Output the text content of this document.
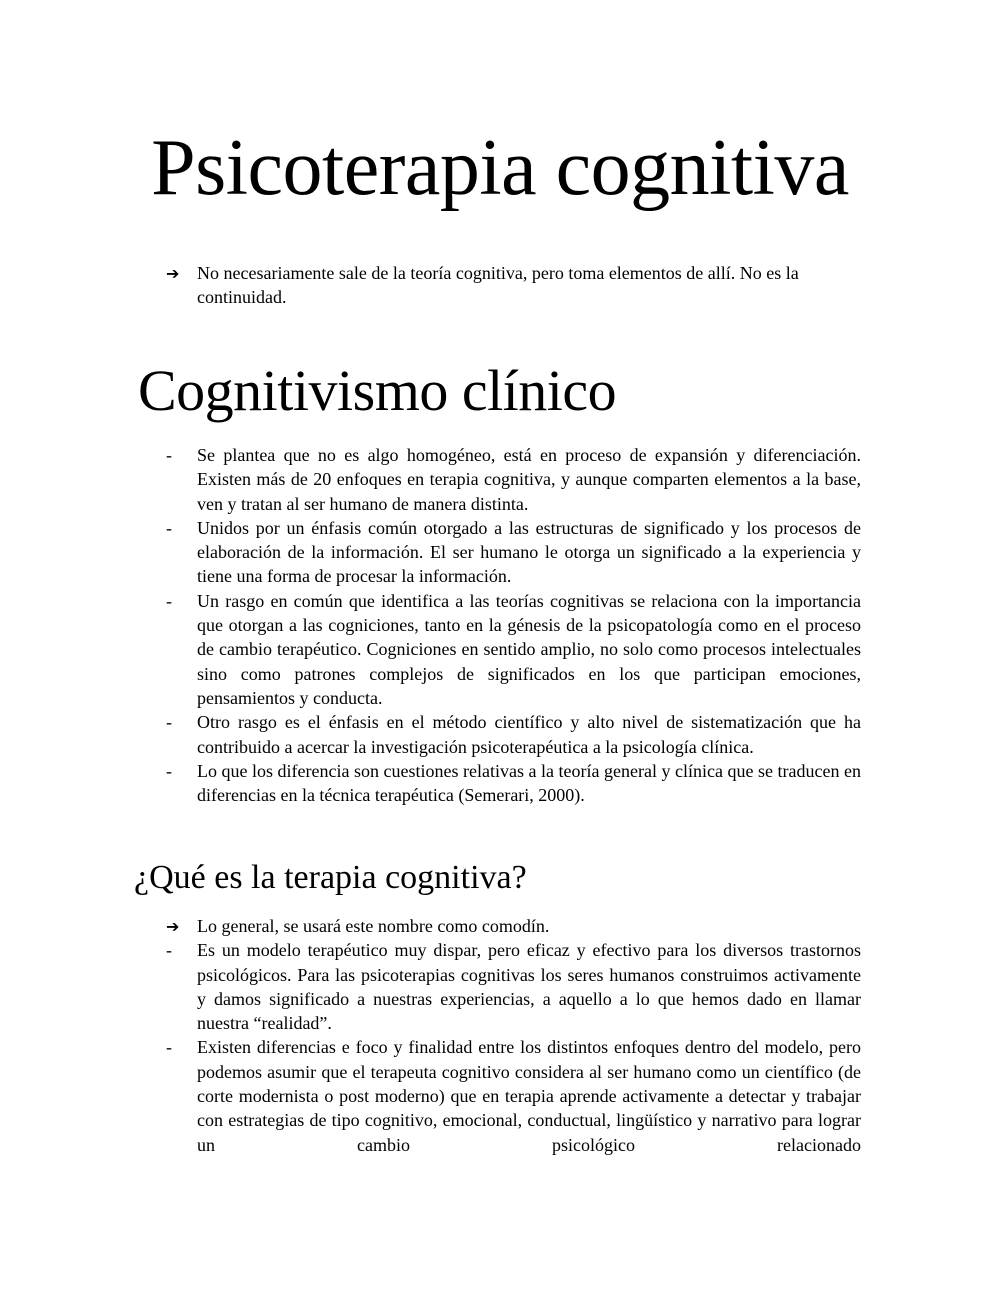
Psicoterapia cognitiva
➔ No necesariamente sale de la teoría cognitiva, pero toma elementos de allí. No es la continuidad.
Cognitivismo clínico
-	Se plantea que no es algo homogéneo, está en proceso de expansión y diferenciación. Existen más de 20 enfoques en terapia cognitiva, y aunque comparten elementos a la base, ven y tratan al ser humano de manera distinta.
-	Unidos por un énfasis común otorgado a las estructuras de significado y los procesos de elaboración de la información. El ser humano le otorga un significado a la experiencia y tiene una forma de procesar la información.
-	Un rasgo en común que identifica a las teorías cognitivas se relaciona con la importancia que otorgan a las cogniciones, tanto en la génesis de la psicopatología como en el proceso de cambio terapéutico. Cogniciones en sentido amplio, no solo como procesos intelectuales sino como patrones complejos de significados en los que participan emociones, pensamientos y conducta.
-	Otro rasgo es el énfasis en el método científico y alto nivel de sistematización que ha contribuido a acercar la investigación psicoterapéutica a la psicología clínica.
-	Lo que los diferencia son cuestiones relativas a la teoría general y clínica que se traducen en diferencias en la técnica terapéutica (Semerari, 2000).
¿Qué es la terapia cognitiva?
➔ Lo general, se usará este nombre como comodín.
-	Es un modelo terapéutico muy dispar, pero eficaz y efectivo para los diversos trastornos psicológicos. Para las psicoterapias cognitivas los seres humanos construimos activamente y damos significado a nuestras experiencias, a aquello a lo que hemos dado en llamar nuestra “realidad”.
-	Existen diferencias e foco y finalidad entre los distintos enfoques dentro del modelo, pero podemos asumir que el terapeuta cognitivo considera al ser humano como un científico (de corte modernista o post moderno) que en terapia aprende activamente a detectar y trabajar con estrategias de tipo cognitivo, emocional, conductual, lingüístico y narrativo para lograr un cambio psicológico relacionado
